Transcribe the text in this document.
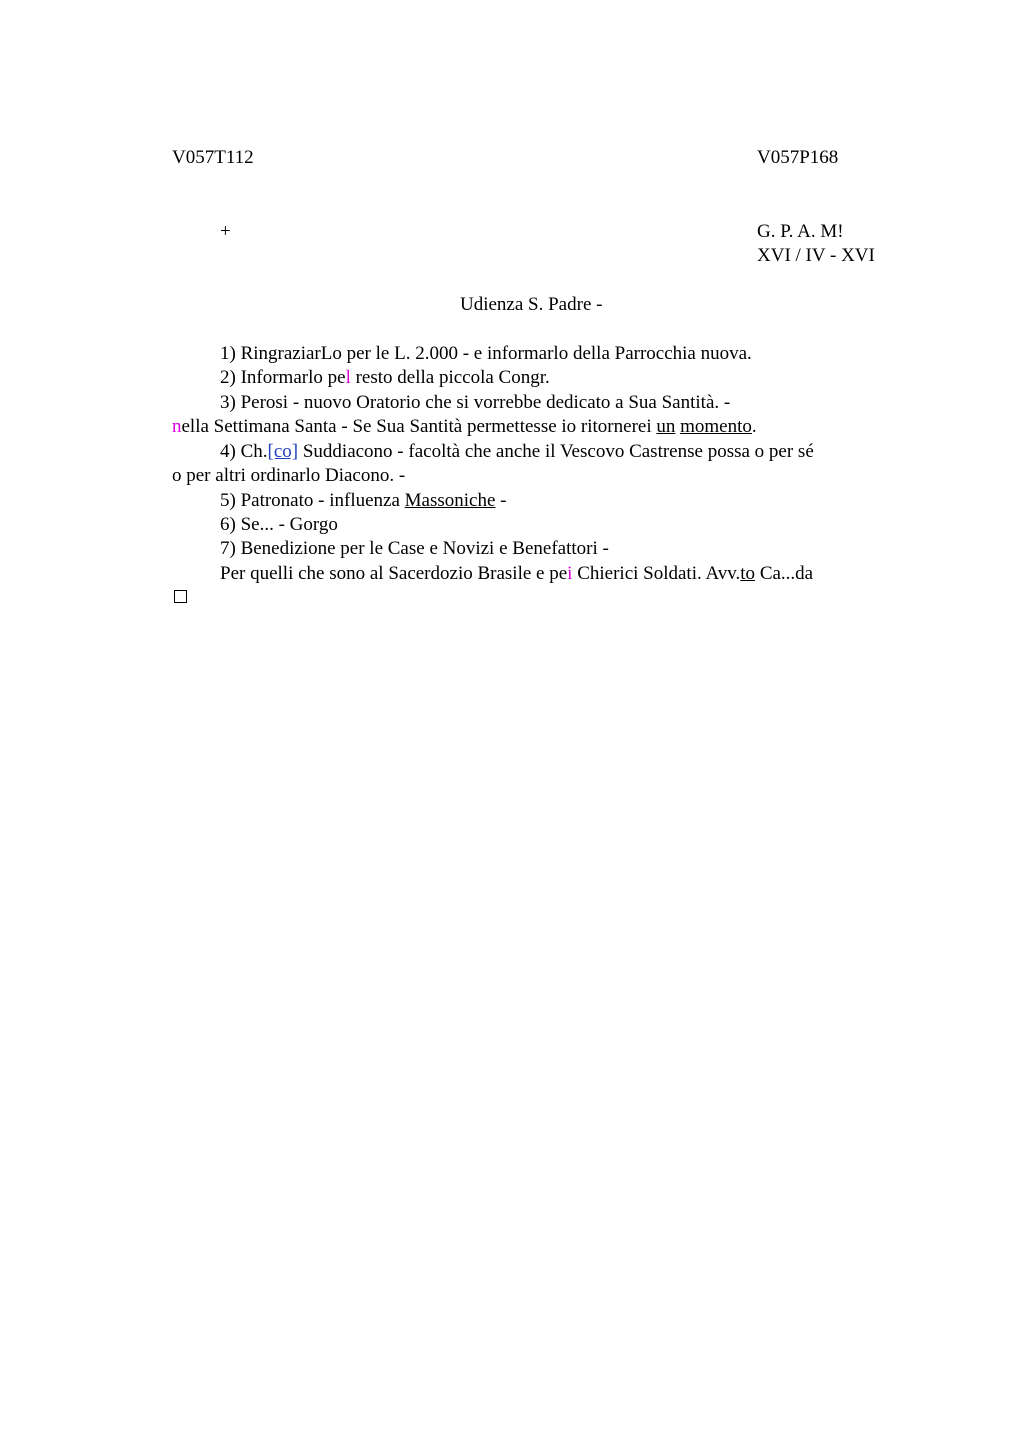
V057T112	V057P168
+	G. P. A. M!
XVI / IV - XVI
Udienza S. Padre -
1) RingraziarLo per le L. 2.000 - e informarlo della Parrocchia nuova.
2) Informarlo pel resto della piccola Congr.
3) Perosi - nuovo Oratorio che si vorrebbe dedicato a Sua Santità. -
nella Settimana Santa - Se Sua Santità permettesse io ritornerei un momento.
4) Ch.[co] Suddiacono - facoltà che anche il Vescovo Castrense possa o per sé
o per altri ordinarlo Diacono. -
5) Patronato - influenza Massoniche -
6) Se... - Gorgo
7) Benedizione per le Case e Novizi e Benefattori -
Per quelli che sono al Sacerdozio Brasile e pei Chierici Soldati. Avv.to Ca...da
